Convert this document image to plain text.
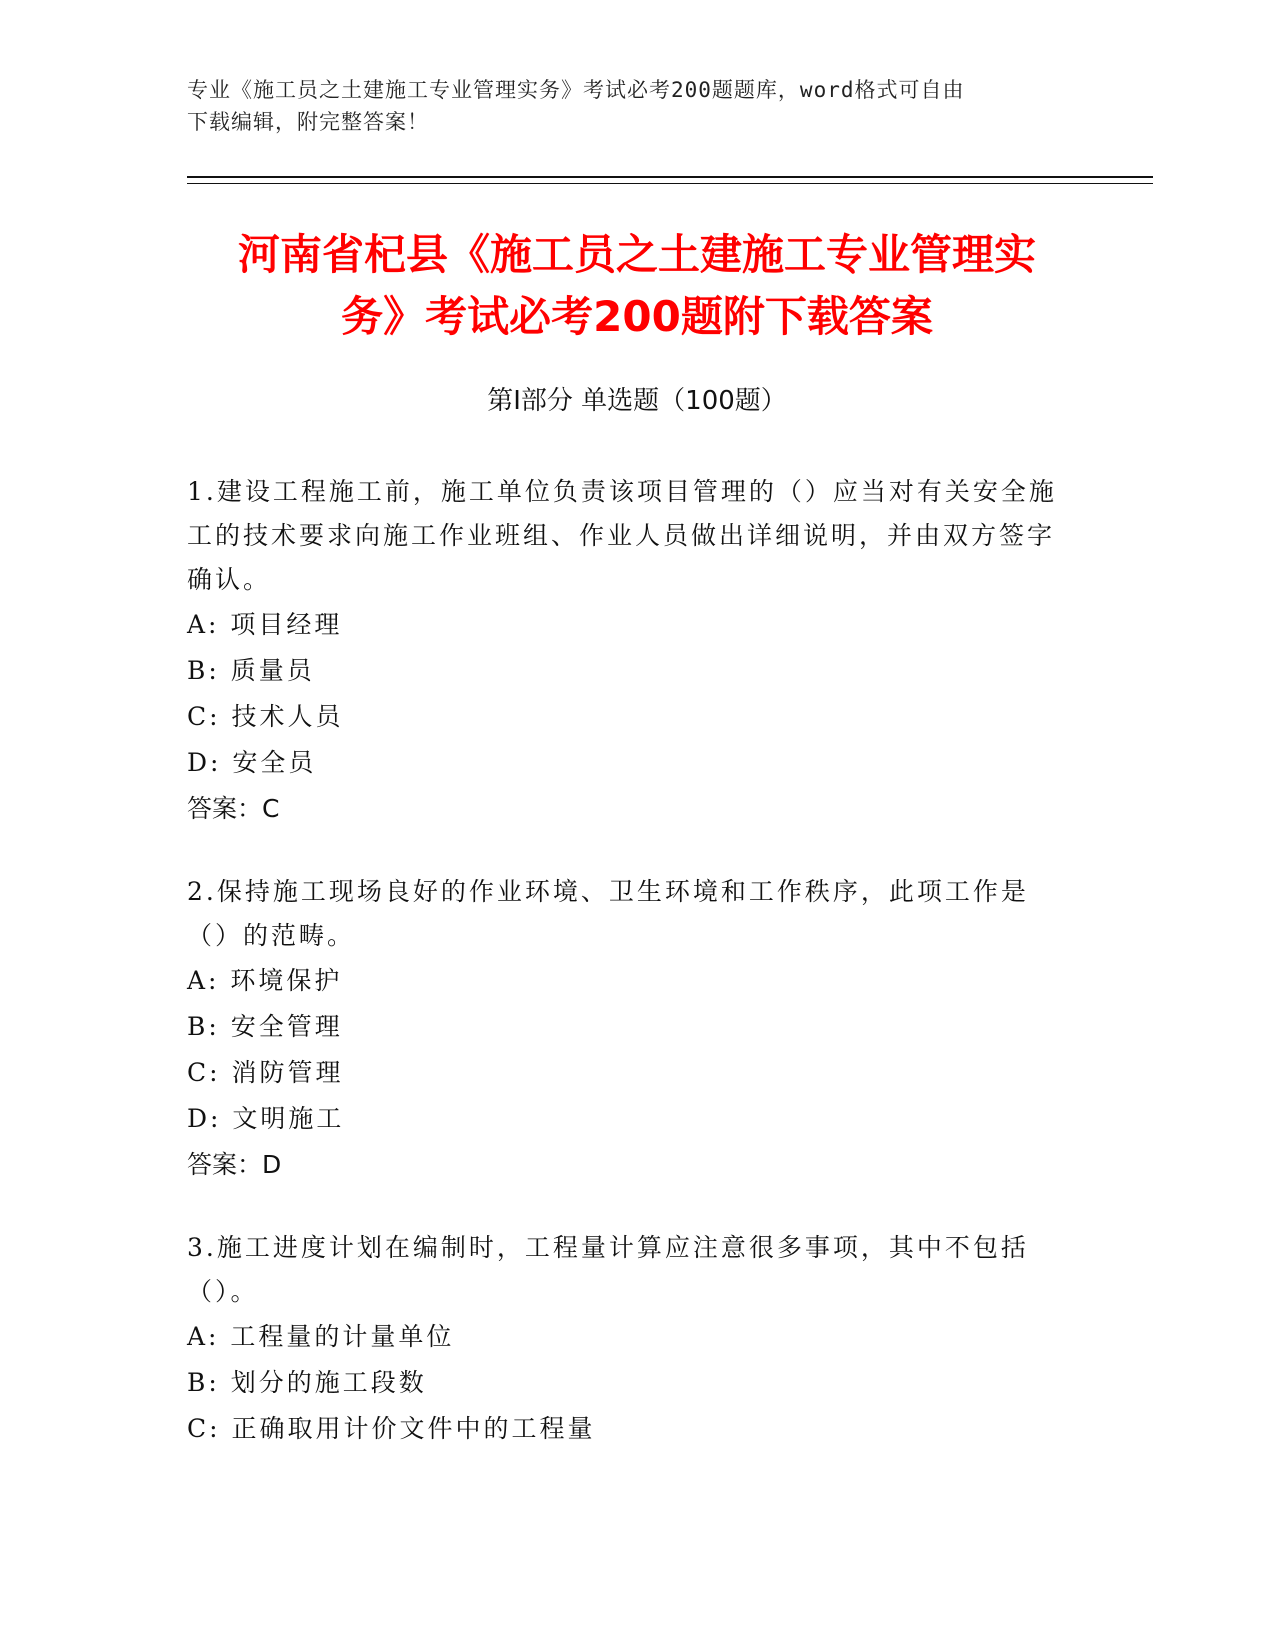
专业《施工员之土建施工专业管理实务》考试必考200题题库，word格式可自由
下载编辑，附完整答案！
河南省杞县《施工员之土建施工专业管理实
务》考试必考200题附下载答案
第Ⅰ部分 单选题（100题）
1.建设工程施工前，施工单位负责该项目管理的（）应当对有关安全施工的技术要求向施工作业班组、作业人员做出详细说明，并由双方签字确认。
A: 项目经理
B: 质量员
C: 技术人员
D: 安全员
答案：C
2.保持施工现场良好的作业环境、卫生环境和工作秩序，此项工作是（）的范畴。
A: 环境保护
B: 安全管理
C: 消防管理
D: 文明施工
答案：D
3.施工进度计划在编制时，工程量计算应注意很多事项，其中不包括（）。
A: 工程量的计量单位
B: 划分的施工段数
C: 正确取用计价文件中的工程量
